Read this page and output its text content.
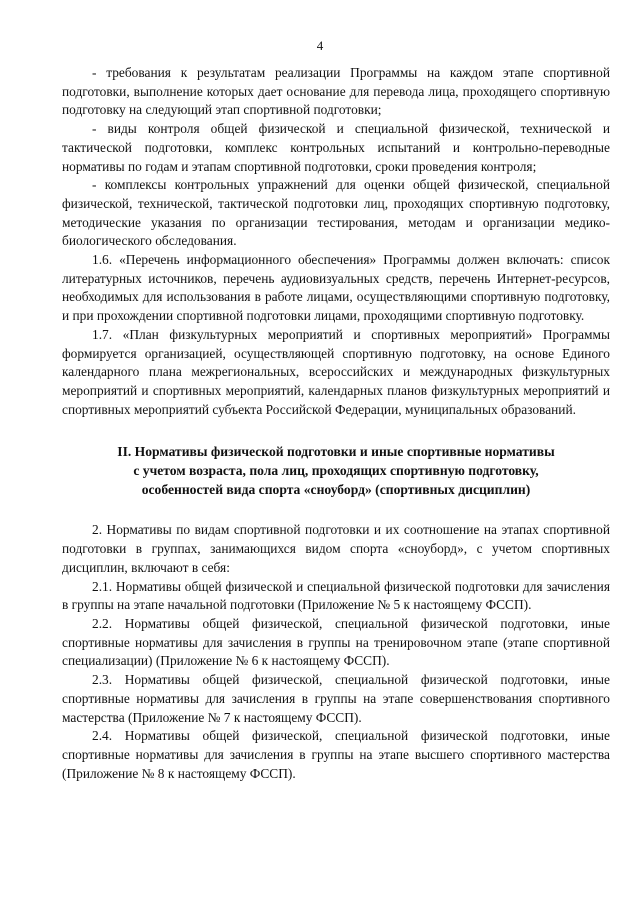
4

- требования к результатам реализации Программы на каждом этапе спортивной подготовки, выполнение которых дает основание для перевода лица, проходящего спортивную подготовку на следующий этап спортивной подготовки;

- виды контроля общей физической и специальной физической, технической и тактической подготовки, комплекс контрольных испытаний и контрольно-переводные нормативы по годам и этапам спортивной подготовки, сроки проведения контроля;

- комплексы контрольных упражнений для оценки общей физической, специальной физической, технической, тактической подготовки лиц, проходящих спортивную подготовку, методические указания по организации тестирования, методам и организации медико-биологического обследования.

1.6. «Перечень информационного обеспечения» Программы должен включать: список литературных источников, перечень аудиовизуальных средств, перечень Интернет-ресурсов, необходимых для использования в работе лицами, осуществляющими спортивную подготовку, и при прохождении спортивной подготовки лицами, проходящими спортивную подготовку.

1.7. «План физкультурных мероприятий и спортивных мероприятий» Программы формируется организацией, осуществляющей спортивную подготовку, на основе Единого календарного плана межрегиональных, всероссийских и международных физкультурных мероприятий и спортивных мероприятий, календарных планов физкультурных мероприятий и спортивных мероприятий субъекта Российской Федерации, муниципальных образований.

II. Нормативы физической подготовки и иные спортивные нормативы
с учетом возраста, пола лиц, проходящих спортивную подготовку,
особенностей вида спорта «сноуборд» (спортивных дисциплин)

2. Нормативы по видам спортивной подготовки и их соотношение на этапах спортивной подготовки в группах, занимающихся видом спорта «сноуборд», с учетом спортивных дисциплин, включают в себя:

2.1. Нормативы общей физической и специальной физической подготовки для зачисления в группы на этапе начальной подготовки (Приложение № 5 к настоящему ФССП).

2.2. Нормативы общей физической, специальной физической подготовки, иные спортивные нормативы для зачисления в группы на тренировочном этапе (этапе спортивной специализации) (Приложение № 6 к настоящему ФССП).

2.3. Нормативы общей физической, специальной физической подготовки, иные спортивные нормативы для зачисления в группы на этапе совершенствования спортивного мастерства (Приложение № 7 к настоящему ФССП).

2.4. Нормативы общей физической, специальной физической подготовки, иные спортивные нормативы для зачисления в группы на этапе высшего спортивного мастерства (Приложение № 8 к настоящему ФССП).
